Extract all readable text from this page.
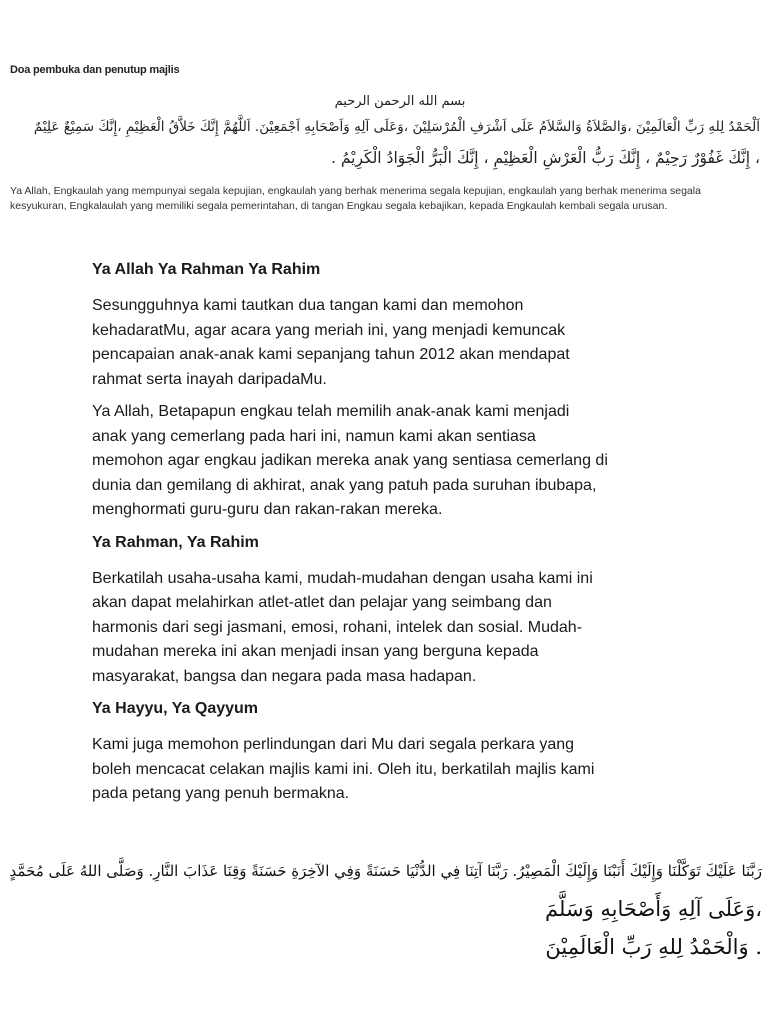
Doa pembuka dan penutup majlis
بسم الله الرحمن الرحيم
اَلْحَمْدُ لِلهِ رَبِّ الْعَالَمِيْنَ ،وَالصَّلاَةُ وَالسَّلاَمُ عَلَى اَشْرَفِ الْمُرْسَلِيْنَ ،وَعَلَى آلِهِ وَاَصْحَابِهِ اَجْمَعِيْنَ. اَللَّهُمَّ إِنَّكَ خَلاَّقُ الْعَظِيْمِ ،إِنَّكَ سَمِيْعٌ عَلِيْمٌ
، إِنَّكَ غَفُوْرٌ رَحِيْمٌ ، إِنَّكَ رَبُّ الْعَرْشِ الْعَظِيْمِ ، إِنَّكَ الْبَرُّ الْجَوَادُ الْكَرِيْمُ .
Ya Allah, Engkaulah yang mempunyai segala kepujian, engkaulah yang berhak menerima segala kepujian, engkaulah yang berhak menerima segala kesyukuran, Engkalaulah yang memiliki segala pemerintahan, di tangan Engkau segala kebajikan, kepada Engkaulah kembali segala urusan.
Ya Allah Ya Rahman Ya Rahim

Sesungguhnya kami tautkan dua tangan kami dan memohon
kehadaratMu, agar acara yang meriah ini, yang menjadi kemuncak
pencapaian anak-anak kami sepanjang tahun 2012 akan mendapat
rahmat serta inayah daripadaMu.

Ya Allah, Betapapun engkau telah memilih anak-anak kami menjadi
anak yang cemerlang pada hari ini, namun kami akan sentiasa
memohon agar engkau jadikan mereka anak yang sentiasa cemerlang di
dunia dan gemilang di akhirat, anak yang patuh pada suruhan ibubapa,
menghormati guru-guru dan rakan-rakan mereka.

Ya Rahman, Ya Rahim

Berkatilah usaha-usaha kami, mudah-mudahan dengan usaha kami ini
akan dapat melahirkan atlet-atlet dan pelajar yang seimbang dan
harmonis dari segi jasmani, emosi, rohani, intelek dan sosial. Mudah-
mudahan mereka ini akan menjadi insan yang berguna kepada
masyarakat, bangsa dan negara pada masa hadapan.

Ya Hayyu, Ya Qayyum

Kami juga memohon perlindungan dari Mu dari segala perkara yang
boleh mencacat celakan majlis kami ini. Oleh itu, berkatilah majlis kami
pada petang yang penuh bermakna.

رَبَّنَا عَلَيْكَ تَوَكَّلْنَا وَإِلَيْكَ أَنَبْنَا وَإِلَيْكَ الْمَصِيْرُ. رَبَّنَا آتِنَا فِي الدُّنْيَا حَسَنَةً وَفِي الآخِرَةِ حَسَنَةً وَقِنَا عَذَابَ النَّارِ. وَصَلَّى اللهُ عَلَى مُحَمَّدٍ
،وَعَلَى آلِهِ وَأَصْحَابِهِ وَسَلَّمَ
. وَالْحَمْدُ لِلهِ رَبِّ الْعَالَمِيْنَ
